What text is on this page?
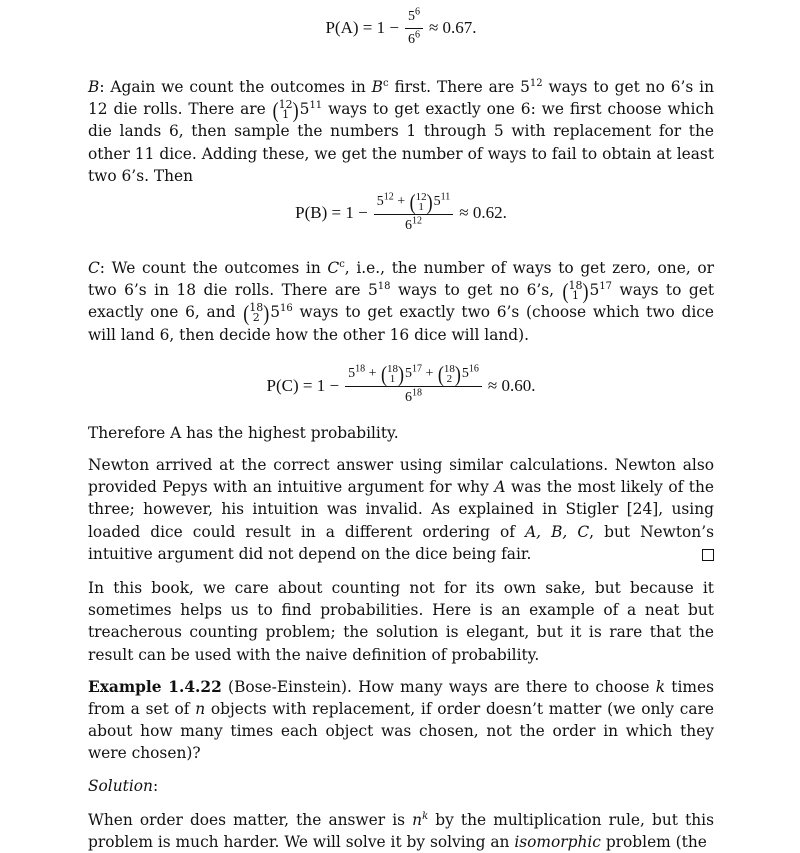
$P(A) = 1 - \frac{5^6}{6^6} \approx 0.67$.

B: Again we count the outcomes in $B^c$ first. There are $5^{12}$ ways to get no 6’s in 12 die rolls. There are ( 12
1 ) $5^{11}$ ways to get exactly one 6: we first choose which die lands 6, then sample the numbers 1 through 5 with replacement for the other 11 dice. Adding these, we get the number of ways to fail to obtain at least two 6’s. Then

$P(B) = 1 - 5^{12}$ + ( 12
1 ) $5^{11}$
$6^{12} \approx 0.62$.

C: We count the outcomes in $C^c$, i.e., the number of ways to get zero, one, or two 6’s in 18 die rolls. There are $5^{18}$ ways to get no 6’s, ( 18
1 ) $5^{17}$ ways to get exactly one 6, and ( 18
2 ) $5^{16}$ ways to get exactly two 6’s (choose which two dice will land 6, then decide how the other 16 dice will land).

$P(C) = 1 - 5^{18}$ + ( 18
1 ) $5^{17}$ + ( 18
2 ) $5^{16}$
$6^{18} \approx 0.60$.

Therefore A has the highest probability.

Newton arrived at the correct answer using similar calculations. Newton also provided Pepys with an intuitive argument for why A was the most likely of the three; however, his intuition was invalid. As explained in Stigler [24], using loaded dice could result in a different ordering of A, B, C, but Newton’s intuitive argument did not depend on the dice being fair.

In this book, we care about counting not for its own sake, but because it sometimes helps us to find probabilities. Here is an example of a neat but treacherous counting problem; the solution is elegant, but it is rare that the result can be used with the naive definition of probability.

Example 1.4.22 (Bose-Einstein). How many ways are there to choose k times from a set of n objects with replacement, if order doesn’t matter (we only care about how many times each object was chosen, not the order in which they were chosen)?

Solution:

When order does matter, the answer is $n^k$ by the multiplication rule, but this problem is much harder. We will solve it by solving an isomorphic problem (the
